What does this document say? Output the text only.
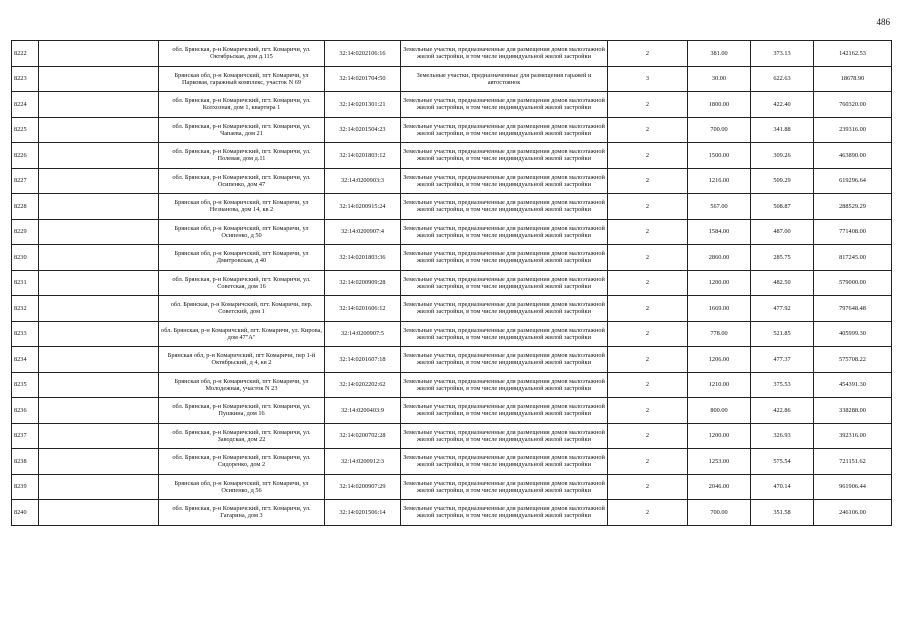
486
8222		обл. Брянская, р-н Комаричский, пгт. Комаричи, ул. Октябрьская, дом д.115	32:14:0202106:16	Земельные участки, предназначенные для размещения домов малоэтажной жилой застройки, в том числе индивидуальной жилой застройки	2	381.00	373.13	142162.53
8223		Брянская обл, р-н Комаричский, пгт Комаричи, ул Парковая, гаражный комплекс, участок N 69	32:14:0201704:50	Земельные участки, предназначенные для размещения гаражей и автостоянок	3	30.00	622.63	18678.90
8224		обл. Брянская, р-н Комаричский, пгт. Комаричи, ул. Колхозная, дом 1, квартира 1	32:14:0201301:21	Земельные участки, предназначенные для размещения домов малоэтажной жилой застройки, в том числе индивидуальной жилой застройки	2	1800.00	422.40	760320.00
8225		обл. Брянская, р-н Комаричский, пгт. Комаричи, ул. Чапаева, дом 21	32:14:0201504:23	Земельные участки, предназначенные для размещения домов малоэтажной жилой застройки, в том числе индивидуальной жилой застройки	2	700.00	341.88	239316.00
8226		обл. Брянская, р-н Комаричский, пгт. Комаричи, ул. Полевая, дом д.11	32:14:0201803:12	Земельные участки, предназначенные для размещения домов малоэтажной жилой застройки, в том числе индивидуальной жилой застройки	2	1500.00	309.26	463890.00
8227		обл. Брянская, р-н Комаричский, пгт. Комаричи, ул. Осипенко, дом 47	32:14:0200903:3	Земельные участки, предназначенные для размещения домов малоэтажной жилой застройки, в том числе индивидуальной жилой застройки	2	1216.00	509.29	619296.64
8228		Брянская обл, р-н Комаричский, пгт Комаричи, ул Незнанова, дом 14, кв 2	32:14:0200915:24	Земельные участки, предназначенные для размещения домов малоэтажной жилой застройки, в том числе индивидуальной жилой застройки	2	567.00	508.87	288529.29
8229		Брянская обл, р-н Комаричский, пгт Комаричи, ул Осипенко, д 50	32:14:0200907:4	Земельные участки, предназначенные для размещения домов малоэтажной жилой застройки, в том числе индивидуальной жилой застройки	2	1584.00	487.00	771408.00
8230		Брянская обл, р-н Комаричский, пгт Комаричи, ул Дмитровская, д 40	32:14:0201803:36	Земельные участки, предназначенные для размещения домов малоэтажной жилой застройки, в том числе индивидуальной жилой застройки	2	2860.00	285.75	817245.00
8231		обл. Брянская, р-н Комаричский, пгт. Комаричи, ул. Советская, дом 16	32:14:0200909:28	Земельные участки, предназначенные для размещения домов малоэтажной жилой застройки, в том числе индивидуальной жилой застройки	2	1200.00	482.50	579000.00
8232		обл. Брянская, р-н Комаричский, пгт. Комаричи, пер. Советский, дом 1	32:14:0201606:12	Земельные участки, предназначенные для размещения домов малоэтажной жилой застройки, в том числе индивидуальной жилой застройки	2	1669.00	477.92	797648.48
8233		обл. Брянская, р-н Комаричский, пгт. Комаричи, ул. Кирова, дом 47"А"	32:14:0200907:5	Земельные участки, предназначенные для размещения домов малоэтажной жилой застройки, в том числе индивидуальной жилой застройки	2	778.00	521.85	405999.30
8234		Брянская обл, р-н Комаричский, пгт Комаричи, пер 1-й Октябрьский, д 4, кв 2	32:14:0201607:18	Земельные участки, предназначенные для размещения домов малоэтажной жилой застройки, в том числе индивидуальной жилой застройки	2	1206.00	477.37	575708.22
8235		Брянская обл, р-н Комаричский, пгт Комаричи, ул Молодежная, участок N 23	32:14:0202202:62	Земельные участки, предназначенные для размещения домов малоэтажной жилой застройки, в том числе индивидуальной жилой застройки	2	1210.00	375.53	454391.30
8236		обл. Брянская, р-н Комаричский, пгт. Комаричи, ул. Пушкина, дом 16	32:14:0200403:9	Земельные участки, предназначенные для размещения домов малоэтажной жилой застройки, в том числе индивидуальной жилой застройки	2	800.00	422.86	338288.00
8237		обл. Брянская, р-н Комаричский, пгт. Комаричи, ул. Заводская, дом 22	32:14:0200702:28	Земельные участки, предназначенные для размещения домов малоэтажной жилой застройки, в том числе индивидуальной жилой застройки	2	1200.00	326.93	392316.00
8238		обл. Брянская, р-н Комаричский, пгт. Комаричи, ул. Сидоренко, дом 2	32:14:0200912:3	Земельные участки, предназначенные для размещения домов малоэтажной жилой застройки, в том числе индивидуальной жилой застройки	2	1253.00	575.54	721151.62
8239		Брянская обл, р-н Комаричский, пгт Комаричи, ул Осипенко, д 56	32:14:0200907:29	Земельные участки, предназначенные для размещения домов малоэтажной жилой застройки, в том числе индивидуальной жилой застройки	2	2046.00	470.14	961906.44
8240		обл. Брянская, р-н Комаричский, пгт. Комаричи, ул. Гагарина, дом 3	32:14:0201506:14	Земельные участки, предназначенные для размещения домов малоэтажной жилой застройки, в том числе индивидуальной жилой застройки	2	700.00	351.58	246106.00
